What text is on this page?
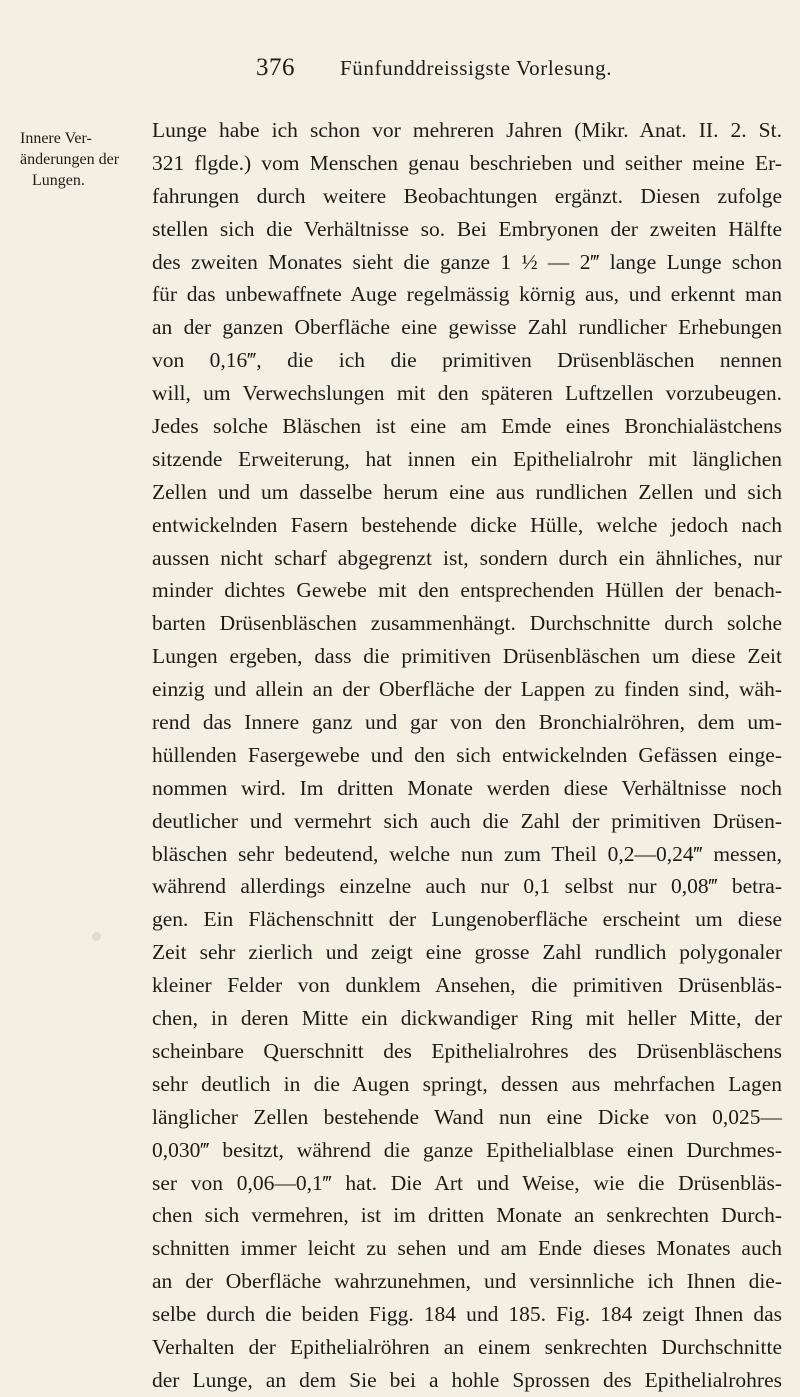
376 Fünfunddreissigste Vorlesung.
Innere Ver-
änderungen der
Lungen.
Lunge habe ich schon vor mehreren Jahren (Mikr. Anat. II. 2. St.
321 flgde.) vom Menschen genau beschrieben und seither meine Er-
fahrungen durch weitere Beobachtungen ergänzt. Diesen zufolge
stellen sich die Verhältnisse so. Bei Embryonen der zweiten Hälfte
des zweiten Monates sieht die ganze 1 ½ — 2‴ lange Lunge schon
für das unbewaffnete Auge regelmässig körnig aus, und erkennt man
an der ganzen Oberfläche eine gewisse Zahl rundlicher Erhebungen
von 0,16‴, die ich die primitiven Drüsenbläschen nennen
will, um Verwechslungen mit den späteren Luftzellen vorzubeugen.
Jedes solche Bläschen ist eine am Emde eines Bronchialästchens
sitzende Erweiterung, hat innen ein Epithelialrohr mit länglichen
Zellen und um dasselbe herum eine aus rundlichen Zellen und sich
entwickelnden Fasern bestehende dicke Hülle, welche jedoch nach
aussen nicht scharf abgegrenzt ist, sondern durch ein ähnliches, nur
minder dichtes Gewebe mit den entsprechenden Hüllen der benach-
barten Drüsenbläschen zusammenhängt. Durchschnitte durch solche
Lungen ergeben, dass die primitiven Drüsenbläschen um diese Zeit
einzig und allein an der Oberfläche der Lappen zu finden sind, wäh-
rend das Innere ganz und gar von den Bronchialröhren, dem um-
hüllenden Fasergewebe und den sich entwickelnden Gefässen einge-
nommen wird. Im dritten Monate werden diese Verhältnisse noch
deutlicher und vermehrt sich auch die Zahl der primitiven Drüsen-
bläschen sehr bedeutend, welche nun zum Theil 0,2—0,24‴ messen,
während allerdings einzelne auch nur 0,1 selbst nur 0,08‴ betra-
gen. Ein Flächenschnitt der Lungenoberfläche erscheint um diese
Zeit sehr zierlich und zeigt eine grosse Zahl rundlich polygonaler
kleiner Felder von dunklem Ansehen, die primitiven Drüsenbläs-
chen, in deren Mitte ein dickwandiger Ring mit heller Mitte, der
scheinbare Querschnitt des Epithelialrohres des Drüsenbläschens
sehr deutlich in die Augen springt, dessen aus mehrfachen Lagen
länglicher Zellen bestehende Wand nun eine Dicke von 0,025—
0,030‴ besitzt, während die ganze Epithelialblase einen Durchmes-
ser von 0,06—0,1‴ hat. Die Art und Weise, wie die Drüsenbläs-
chen sich vermehren, ist im dritten Monate an senkrechten Durch-
schnitten immer leicht zu sehen und am Ende dieses Monates auch
an der Oberfläche wahrzunehmen, und versinnliche ich Ihnen die-
selbe durch die beiden Figg. 184 und 185. Fig. 184 zeigt Ihnen das
Verhalten der Epithelialröhren an einem senkrechten Durchschnitte
der Lunge, an dem Sie bei a hohle Sprossen des Epithelialrohres
